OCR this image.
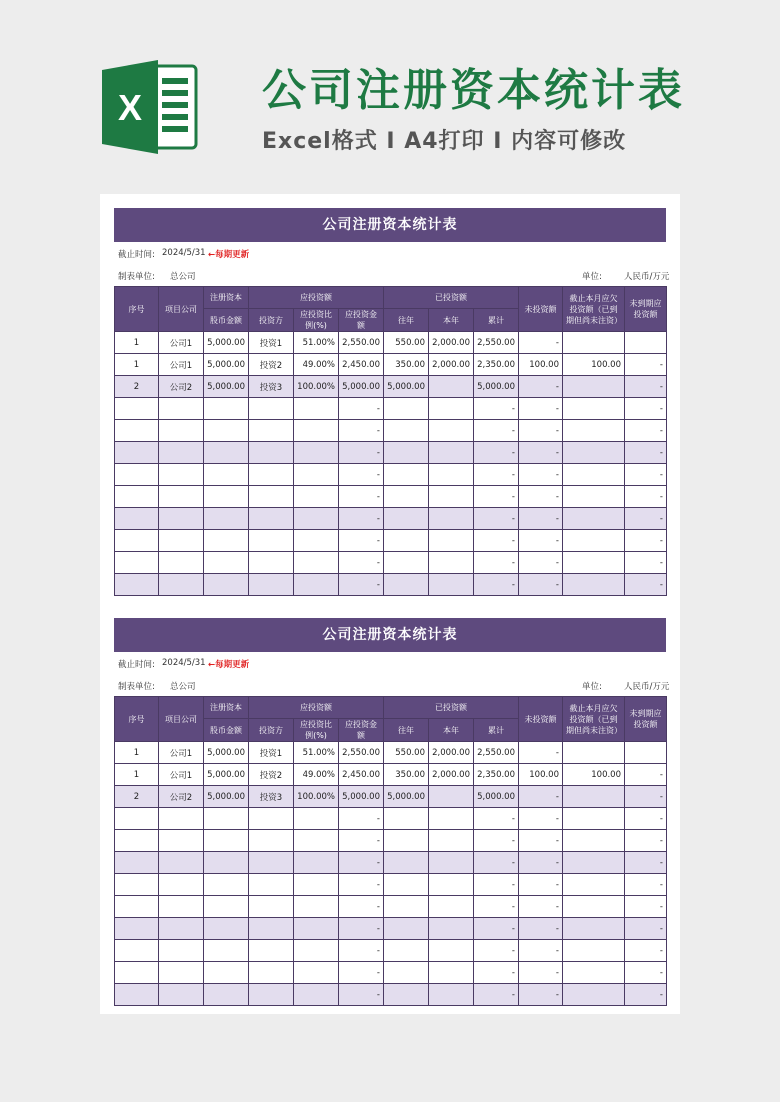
X	公司注册资本统计表
Excel格式 Ⅰ A4打印 Ⅰ 内容可修改
公司注册资本统计表
截止时间: 2024/5/31 ←每期更新
制表单位: 总公司	单位:	人民币/万元
序号	项目公司	注册资本	应投资额			已投资额			未投资额	截止本月应欠投资额（已到期但尚未注资）	未到期应投资额
		股币金额	投资方	应投资比例(%)	应投资金额	往年	本年	累计			
1	公司1	5,000.00	投资1	51.00%	2,550.00	550.00	2,000.00	2,550.00	-		
1	公司1	5,000.00	投资2	49.00%	2,450.00	350.00	2,000.00	2,350.00	100.00	100.00	-
2	公司2	5,000.00	投资3	100.00%	5,000.00	5,000.00		5,000.00	-		-
					-			-	-		-
					-			-	-		-
					-			-	-		-
					-			-	-		-
					-			-	-		-
					-			-	-		-
					-			-	-		-
					-			-	-		-
					-			-	-		-
公司注册资本统计表
截止时间: 2024/5/31 ←每期更新
制表单位: 总公司	单位:	人民币/万元
序号	项目公司	注册资本	应投资额			已投资额			未投资额	截止本月应欠投资额（已到期但尚未注资）	未到期应投资额
		股币金额	投资方	应投资比例(%)	应投资金额	往年	本年	累计			
1	公司1	5,000.00	投资1	51.00%	2,550.00	550.00	2,000.00	2,550.00	-		
1	公司1	5,000.00	投资2	49.00%	2,450.00	350.00	2,000.00	2,350.00	100.00	100.00	-
2	公司2	5,000.00	投资3	100.00%	5,000.00	5,000.00		5,000.00	-		-
					-			-	-		-
					-			-	-		-
					-			-	-		-
					-			-	-		-
					-			-	-		-
					-			-	-		-
					-			-	-		-
					-			-	-		-
					-			-	-		-
